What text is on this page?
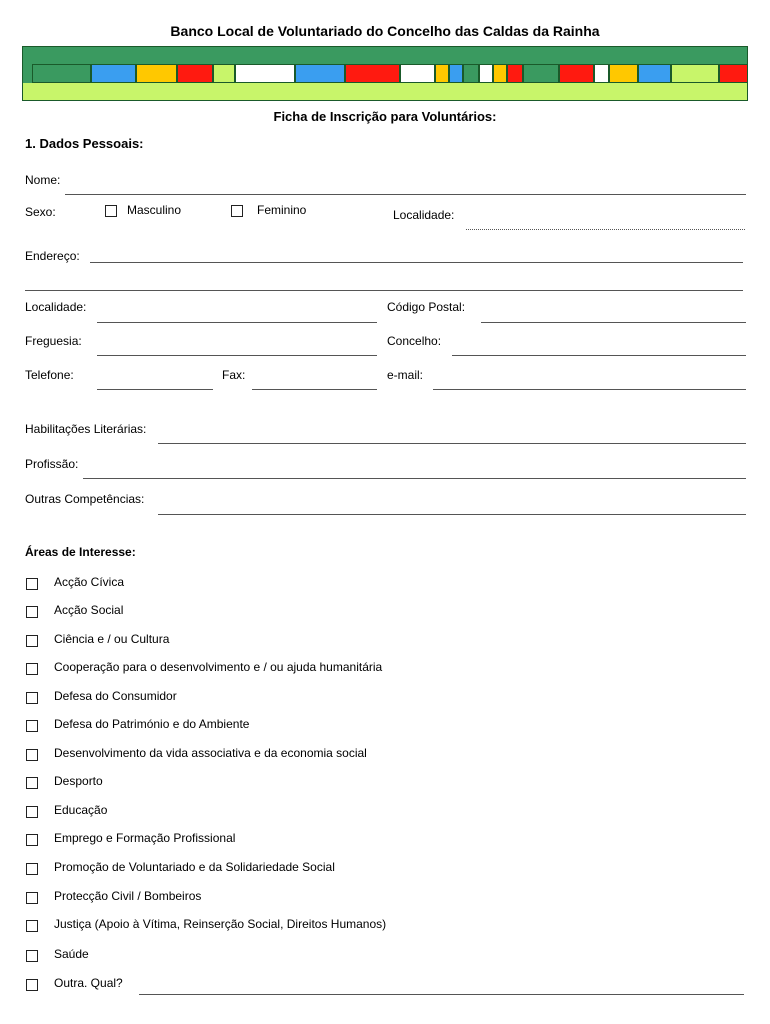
Banco Local de Voluntariado do Concelho das Caldas da Rainha
Ficha de Inscrição para Voluntários:
1. Dados Pessoais:
Nome:
Sexo:	Masculino	Feminino	Localidade:
Endereço:
Localidade:	Código Postal:
Freguesia:	Concelho:
Telefone:	Fax:	e-mail:
Habilitações Literárias:
Profissão:
Outras Competências:
Áreas de Interesse:
Acção Cívica
Acção Social
Ciência e / ou Cultura
Cooperação para o desenvolvimento e / ou ajuda humanitária
Defesa do Consumidor
Defesa do Património e do Ambiente
Desenvolvimento da vida associativa e da economia social
Desporto
Educação
Emprego e Formação Profissional
Promoção de Voluntariado e da Solidariedade Social
Protecção Civil / Bombeiros
Justiça (Apoio à Vítima, Reinserção Social, Direitos Humanos)
Saúde
Outra. Qual?
